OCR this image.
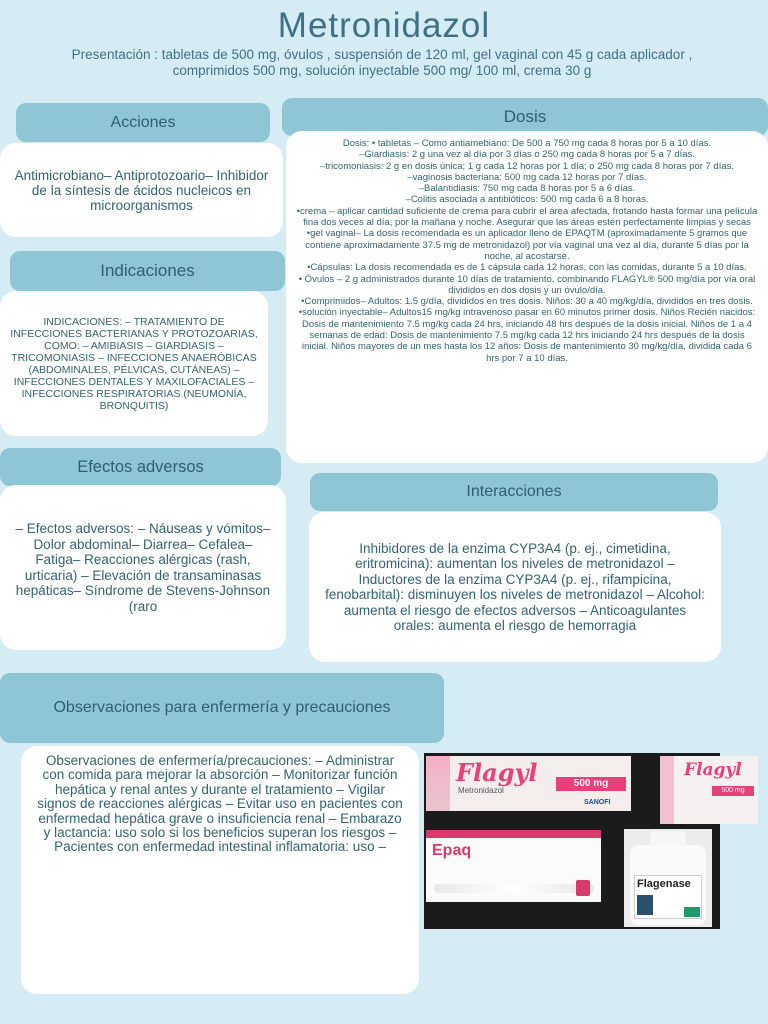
Metronidazol
Presentación : tabletas de 500 mg, óvulos , suspensión de 120 ml, gel vaginal con 45 g cada aplicador , comprimidos 500 mg, solución inyectable 500 mg/ 100 ml, crema 30 g
Acciones
Antimicrobiano– Antiprotozoario– Inhibidor de la síntesis de ácidos nucleicos en microorganismos
Dosis
Dosis: • tabletas – Como antiamebiano: De 500 a 750 mg cada 8 horas por 5 a 10 días.
–Giardiasis: 2 g una vez al día por 3 días o 250 mg cada 8 horas por 5 a 7 días.
–tricomoniasis: 2 g en dosis única; 1 g cada 12 horas por 1 día; o 250 mg cada 8 horas por 7 días.
–vaginosis bacteriana: 500 mg cada 12 horas por 7 días.
–Balantidiasis: 750 mg cada 8 horas por 5 a 6 días.
–Colitis asociada a antibióticos: 500 mg cada 6 a 8 horas.
•crema – aplicar cantidad suficiente de crema para cubrir el área afectada, frotando hasta formar una película fina dos veces al día, por la mañana y noche. Asegurar que las áreas estén perfectamente limpias y secas
•gel vaginal– La dosis recomendada es un aplicador lleno de EPAQTM (aproximadamente 5 gramos que contiene aproximadamente 37.5 mg de metronidazol) por vía vaginal una vez al día, durante 5 días por la noche, al acostarse.
•Cápsulas: La dosis recomendada es de 1 cápsula cada 12 horas, con las comidas, durante 5 a 10 días.
• Óvulos – 2 g administrados durante 10 días de tratamiento, combinando FLAGYL® 500 mg/día por vía oral divididos en dos dosis y un óvulo/día.
•Comprimidos– Adultos: 1.5 g/día, divididos en tres dosis. Niños: 30 a 40 mg/kg/día, divididos en tres dosis.
•solución inyectable– Adultos15 mg/kg intravenoso pasar en 60 minutos primer dosis. Niños Recién nacidos: Dosis de mantenimiento 7.5 mg/kg cada 24 hrs, iniciando 48 hrs después de la dosis inicial. Niños de 1 a 4 semanas de edad: Dosis de mantenimiento 7.5 mg/kg cada 12 hrs iniciando 24 hrs después de la dosis inicial. Niños mayores de un mes hasta los 12 años: Dosis de mantenimiento 30 mg/kg/día, dividida cada 6 hrs por 7 a 10 días.
Indicaciones
INDICACIONES: – TRATAMIENTO DE INFECCIONES BACTERIANAS Y PROTOZOARIAS, COMO: – AMIBIASIS – GIARDIASIS – TRICOMONIASIS – INFECCIONES ANAERÓBICAS (ABDOMINALES, PÉLVICAS, CUTÁNEAS) – INFECCIONES DENTALES Y MAXILOFACIALES – INFECCIONES RESPIRATORIAS (NEUMONÍA, BRONQUITIS)
Efectos adversos
– Efectos adversos: – Náuseas y vómitos– Dolor abdominal– Diarrea– Cefalea– Fatiga– Reacciones alérgicas (rash, urticaria) – Elevación de transaminasas hepáticas– Síndrome de Stevens-Johnson (raro
Interacciones
Inhibidores de la enzima CYP3A4 (p. ej., cimetidina, eritromicina): aumentan los niveles de metronidazol – Inductores de la enzima CYP3A4 (p. ej., rifampicina, fenobarbital): disminuyen los niveles de metronidazol – Alcohol: aumenta el riesgo de efectos adversos – Anticoagulantes orales: aumenta el riesgo de hemorragia
Observaciones para enfermería y precauciones
Observaciones de enfermería/precauciones: – Administrar con comida para mejorar la absorción – Monitorizar función hepática y renal antes y durante el tratamiento – Vigilar signos de reacciones alérgicas – Evitar uso en pacientes con enfermedad hepática grave o insuficiencia renal – Embarazo y lactancia: uso solo si los beneficios superan los riesgos – Pacientes con enfermedad intestinal inflamatoria: uso –
Flagyl
Metronidazol
500 mg
SANOFI
Flagyl
500 mg
Epaq
Flagenase
